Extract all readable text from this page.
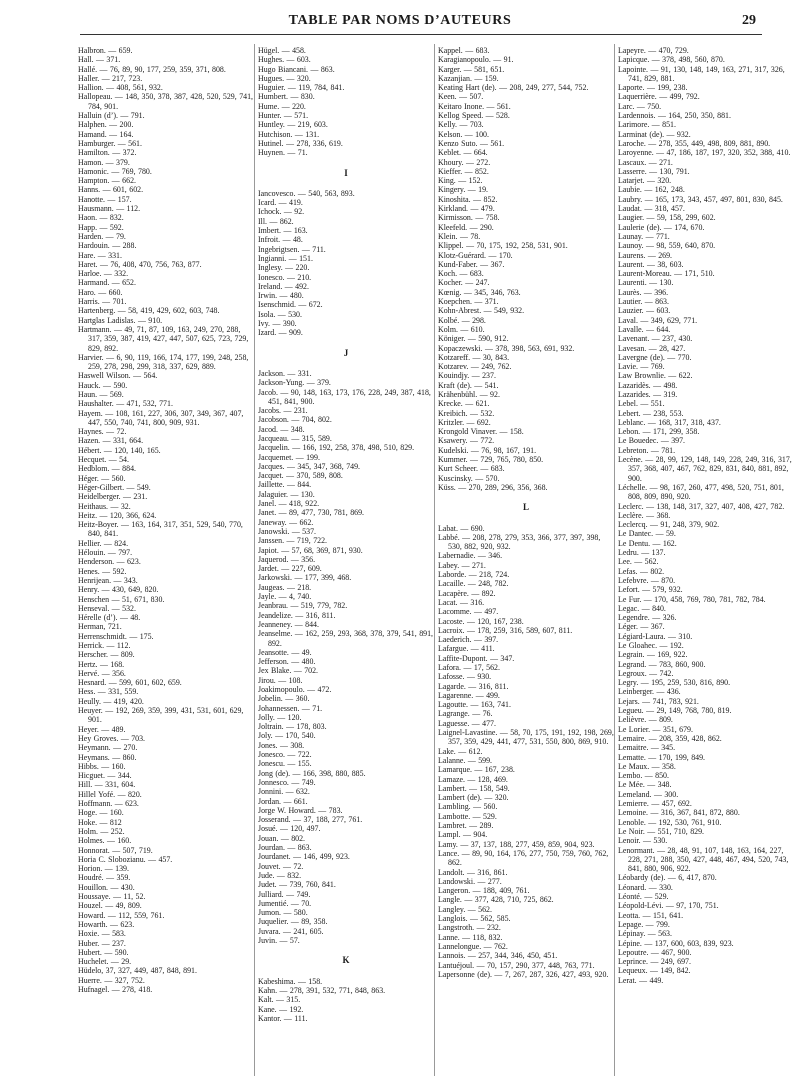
TABLE PAR NOMS D’AUTEURS	29

Halbron. — 659.

Hall. — 371.

Hallé. — 76, 89, 90, 177, 259, 359, 371, 808.

Haller. — 217, 723.

Hallion. — 408, 561, 932.

Hallopeau. — 148, 350, 378, 387, 428, 520, 529, 741, 784, 901.

Halluin (d’). — 791.

Halphen. — 200.

Hamand. — 164.

Hamburger. — 561.

Hamilton. — 372.

Hamon. — 379.

Hamonic. — 769, 780.

Hampton. — 662.

Hanns. — 601, 602.

Hanotte. — 157.

Hausmann. — 112.

Haon. — 832.

Happ. — 592.

Harden. — 79.

Hardouin. — 288.

Hare. — 331.

Haret. — 76, 408, 470, 756, 763, 877.

Harloe. — 332.

Harmand. — 652.

Haro. — 660.

Harris. — 701.

Hartenberg. — 58, 419, 429, 602, 603, 748.

Hartglas Ladislas. — 910.

Hartmann. — 49, 71, 87, 109, 163, 249, 270, 288, 317, 359, 387, 419, 427, 447, 507, 625, 723, 729, 829, 892.

Harvier. — 6, 90, 119, 166, 174, 177, 199, 248, 258, 259, 278, 298, 299, 318, 337, 629, 889.

Haswell Wilson. — 564.

Hauck. — 590.

Haun. — 569.

Haushalter. — 471, 532, 771.

Hayem. — 108, 161, 227, 306, 307, 349, 367, 407, 447, 550, 740, 741, 800, 909, 931.

Haynes. — 72.

Hazen. — 331, 664.

Hébert. — 120, 140, 165.

Hecquet. — 54.

Hedblom. — 884.

Héger. — 560.

Héger-Gilbert. — 549.

Heidelberger. — 231.

Heithaus. — 32.

Heitz. — 120, 366, 624.

Heitz-Boyer. — 163, 164, 317, 351, 529, 540, 770, 840, 841.

Hellier. — 824.

Hélouin. — 797.

Henderson. — 623.

Henes. — 592.

Henrijean. — 343.

Henry. — 430, 649, 820.

Henschen — 51, 671, 830.

Henseval. — 532.

Hérelle (d’). — 48.

Herman, 721.

Herrenschmidt. — 175.

Herrick. — 112.

Herscher. — 809.

Hertz. — 168.

Hervé. — 356.

Hesnard. — 599, 601, 602, 659.

Hess. — 331, 559.

Heully. — 419, 420.

Heuyer. — 192, 269, 359, 399, 431, 531, 601, 629, 901.

Heyer. — 489.

Hey Groves. — 703.

Heymann. — 270.

Heymans. — 860.

Hibbs. — 160.

Hicguet. — 344.

Hill. — 331, 604.

Hillel Yofé. — 820.

Hoffmann. — 623.

Hoge. — 160.

Hoke. — 812

Holm. — 252.

Holmes. — 160.

Honnorat. — 507, 719.

Horia C. Slobozianu. — 457.

Horion. — 139.

Houdré. — 359.

Houillon. — 430.

Houssaye. — 11, 52.

Houzel. — 49, 809.

Howard. — 112, 559, 761.

Howarth. — 623.

Hoxie. — 583.

Huber. — 237.

Hubert. — 590.

Huchelet. — 29.

Hüdelo, 37, 327, 449, 487, 848, 891.

Huerre. — 327, 752.

Hufnagel. — 278, 418.

Hügel. — 458.

Hughes. — 603.

Hugo Biancani. — 863.

Hugues. — 320.

Huguier. — 119, 784, 841.

Humbert. — 830.

Hume. — 220.

Hunter. — 571.

Huntley. — 219, 603.

Hutchison. — 131.

Hutinel. — 278, 336, 619.

Huynen. — 71.

I

Iancovesco. — 540, 563, 893.

Icard. — 419.

Ichock. — 92.

Ill. — 862.

Imbert. — 163.

Infroit. — 48.

Ingebrigtsen. — 711.

Ingianni. — 151.

Inglesy. — 220.

Ionesco. — 210.

Ireland. — 492.

Irwin. — 480.

Isenschmid. — 672.

Isola. — 530.

Ivy. — 390.

Izard. — 909.

J

Jackson. — 331.

Jackson-Yung. — 379.

Jacob. — 90, 148, 163, 173, 176, 228, 249, 387, 418, 451, 841, 900.

Jacobs. — 231.

Jacobson. — 704, 802.

Jacod. — 348.

Jacqueau. — 315, 589.

Jacquelin. — 166, 192, 258, 378, 498, 510, 829.

Jacquemet. — 199.

Jacques. — 345, 347, 368, 749.

Jacquet. — 370, 589, 808.

Jaillette. — 844.

Jalaguier. — 130.

Janel. — 418, 922.

Janet. — 89, 477, 730, 781, 869.

Janeway. — 662.

Janowski. — 537.

Janssen. — 719, 722.

Japiot. — 57, 68, 369, 871, 930.

Jaquerod. — 356.

Jardet. — 227, 609.

Jarkowski. — 177, 399, 468.

Jaugeas. — 218.

Jayle. — 4, 740.

Jeanbrau. — 519, 779, 782.

Jeandelize. — 316, 811.

Jeanneney. — 844.

Jeanselme. — 162, 259, 293, 368, 378, 379, 541, 891, 892.

Jeansotte. — 49.

Jefferson. — 480.

Jex Blake. — 702.

Jirou. — 108.

Joakimopoulo. — 472.

Jobelin. — 360.

Johannessen. — 71.

Jolly. — 120.

Joltrain. — 178, 803.

Joly. — 170, 540.

Jones. — 308.

Jonesco. — 722.

Jonescu. — 155.

Jong (de). — 166, 398, 880, 885.

Jonnesco. — 749.

Jonnini. — 632.

Jordan. — 661.

Jorge W. Howard. — 783.

Josserand. — 37, 188, 277, 761.

Josué. — 120, 497.

Jouan. — 802.

Jourdan. — 863.

Jourdanet. — 146, 499, 923.

Jouvet. — 72.

Jude. — 832.

Judet. — 739, 760, 841.

Julliard. — 749.

Jumentié. — 70.

Jumon. — 580.

Juquelier. — 89, 358.

Juvara. — 241, 605.

Juvin. — 57.

K

Kabeshima. — 158.

Kahn. — 278, 391, 532, 771, 848, 863.

Kalt. — 315.

Kane. — 192.

Kantor. — 111.

Kappel. — 683.

Karagianopoulo. — 91.

Karger. — 581, 651.

Kazanjian. — 159.

Keating Hart (de). — 208, 249, 277, 544, 752.

Keen. — 507.

Keitaro Inone. — 561.

Kellog Speed. — 528.

Kelly. — 703.

Kelson. — 100.

Kenzo Suto. — 561.

Keblet. — 664.

Khoury. — 272.

Kieffer. — 852.

King. — 152.

Kingery. — 19.

Kinoshita. — 852.

Kirkland. — 479.

Kirmisson. — 758.

Kleefeld. — 290.

Klein. — 78.

Klippel. — 70, 175, 192, 258, 531, 901.

Klotz-Guérard. — 170.

Kund-Faber. — 367.

Koch. — 683.

Kocher. — 247.

Kœnig. — 345, 346, 763.

Koepchen. — 371.

Kohn-Abrest. — 549, 932.

Kolbé. — 298.

Kolm. — 610.

Königer. — 590, 912.

Kopaczewski. — 378, 398, 563, 691, 932.

Kotzareff. — 30, 843.

Kotzarev. — 249, 762.

Kouindjy. — 237.

Kraft (de). — 541.

Krähenbühl. — 92.

Krecke. — 621.

Kreibich. — 532.

Kritzler. — 692.

Krongold Vinaver. — 158.

Ksawery. — 772.

Kudelski. — 76, 98, 167, 191.

Kummer. — 729, 765, 780, 850.

Kurt Scheer. — 683.

Kuscinsky. — 570.

Küss. — 270, 289, 296, 356, 368.

L

Labat. — 690.

Labbé. — 208, 278, 279, 353, 366, 377, 397, 398, 530, 882, 920, 932.

Labernadie. — 346.

Labey. — 271.

Laborde. — 218, 724.

Lacaille. — 248, 782.

Lacapère. — 892.

Lacat. — 316.

Lacomme. — 497.

Lacoste. — 120, 167, 238.

Lacroix. — 178, 259, 316, 589, 607, 811.

Laederich. — 397.

Lafargue. — 411.

Laffite-Dupont. — 347.

Lafora. — 17, 562.

Lafosse. — 930.

Lagarde. — 316, 811.

Lagarenne. — 499.

Lagoutte. — 163, 741.

Lagrange. — 76.

Laguesse. — 477.

Laignel-Lavastine. — 58, 70, 175, 191, 192, 198, 269, 357, 359, 429, 441, 477, 531, 550, 800, 869, 910.

Lake. — 612.

Lalanne. — 599.

Lamarque. — 167, 238.

Lamaze. — 128, 469.

Lambert. — 158, 549.

Lambert (de). — 320.

Lambling. — 560.

Lambotte. — 529.

Lambret. — 289.

Lampl. — 904.

Lamy. — 37, 137, 188, 277, 459, 859, 904, 923.

Lance. — 89, 90, 164, 176, 277, 750, 759, 760, 762, 862.

Landolt. — 316, 861.

Landowski. — 277.

Langeron. — 188, 409, 761.

Langle. — 377, 428, 710, 725, 862.

Langley. — 562.

Langlois. — 562, 585.

Langstroth. — 232.

Lanne. — 118, 832.

Lannelongue. — 762.

Lannois. — 257, 344, 346, 450, 451.

Lantuéjoul. — 70, 157, 290, 377, 448, 763, 771.

Lapersonne (de). — 7, 267, 287, 326, 427, 493, 920.

Lapeyre. — 470, 729.

Lapicque. — 378, 498, 560, 870.

Lapointe. — 91, 130, 148, 149, 163, 271, 317, 326, 741, 829, 881.

Laporte. — 199, 238.

Laquerrière. — 499, 792.

Larc. — 750.

Lardennois. — 164, 250, 350, 881.

Larimore. — 851.

Larminat (de). — 932.

Laroche. — 278, 355, 449, 498, 809, 881, 890.

Laroyenne. — 47, 186, 187, 197, 320, 352, 388, 410.

Lascaux. — 271.

Lasserre. — 130, 791.

Latarjet. — 320.

Laubie. — 162, 248.

Laubry. — 165, 173, 343, 457, 497, 801, 830, 845.

Laudat. — 318, 457.

Laugier. — 59, 158, 299, 602.

Laulerie (de). — 174, 670.

Launay. — 771.

Launoy. — 98, 559, 640, 870.

Laurens. — 269.

Laurent. — 38, 603.

Laurent-Moreau. — 171, 510.

Laurenti. — 130.

Laurès. — 396.

Lautier. — 863.

Lauzier. — 603.

Laval. — 349, 629, 771.

Lavalle. — 644.

Lavenant. — 237, 430.

Lavesan. — 28, 427.

Lavergne (de). — 770.

Lavie. — 769.

Law Brownlie. — 622.

Lazaridès. — 498.

Lazarides. — 319.

Lebel. — 551.

Lebert. — 238, 553.

Leblanc. — 168, 317, 318, 437.

Lebon. — 171, 299, 358.

Le Bouedec. — 397.

Lebreton. — 781.

Lecène. — 28, 99, 129, 148, 149, 228, 249, 316, 317, 357, 368, 407, 467, 762, 829, 831, 840, 881, 892, 900.

Léchelle. — 98, 167, 260, 477, 498, 520, 751, 801, 808, 809, 890, 920.

Leclerc. — 138, 148, 317, 327, 407, 408, 427, 782.

Leclère. — 368.

Leclercq. — 91, 248, 379, 902.

Le Dantec. — 59.

Le Dentu. — 162.

Ledru. — 137.

Lee. — 562.

Lefas. — 802.

Lefebvre. — 870.

Lefort. — 579, 932.

Le Fur. — 170, 458, 769, 780, 781, 782, 784.

Legac. — 840.

Legendre. — 326.

Léger. — 367.

Légiard-Laura. — 310.

Le Gloahec. — 192.

Legrain. — 169, 922.

Legrand. — 783, 860, 900.

Legroux. — 742.

Legry. — 195, 259, 530, 816, 890.

Leinberger. — 436.

Lejars. — 741, 783, 921.

Legueu. — 29, 149, 768, 780, 819.

Lelièvre. — 809.

Le Lorier. — 351, 679.

Lemaire. — 208, 359, 428, 862.

Lemaitre. — 345.

Lematte. — 170, 199, 849.

Le Maux. — 358.

Lembo. — 850.

Le Mée. — 348.

Lemeland. — 300.

Lemierre. — 457, 692.

Lemoine. — 316, 367, 841, 872, 880.

Lenoble. — 192, 530, 761, 910.

Le Noir. — 551, 710, 829.

Lenoir. — 530.

Lenormant. — 28, 48, 91, 107, 148, 163, 164, 227, 228, 271, 288, 350, 427, 448, 467, 494, 520, 743, 841, 880, 906, 922.

Léobardy (de). — 6, 417, 870.

Léonard. — 330.

Léonté. — 529.

Léopold-Lévi. — 97, 170, 751.

Leotta. — 151, 641.

Lepage. — 799.

Lépinay. — 563.

Lépine. — 137, 600, 603, 839, 923.

Lepoutre. — 467, 900.

Leprince. — 249, 697.

Lequeux. — 149, 842.

Lerat. — 449.
